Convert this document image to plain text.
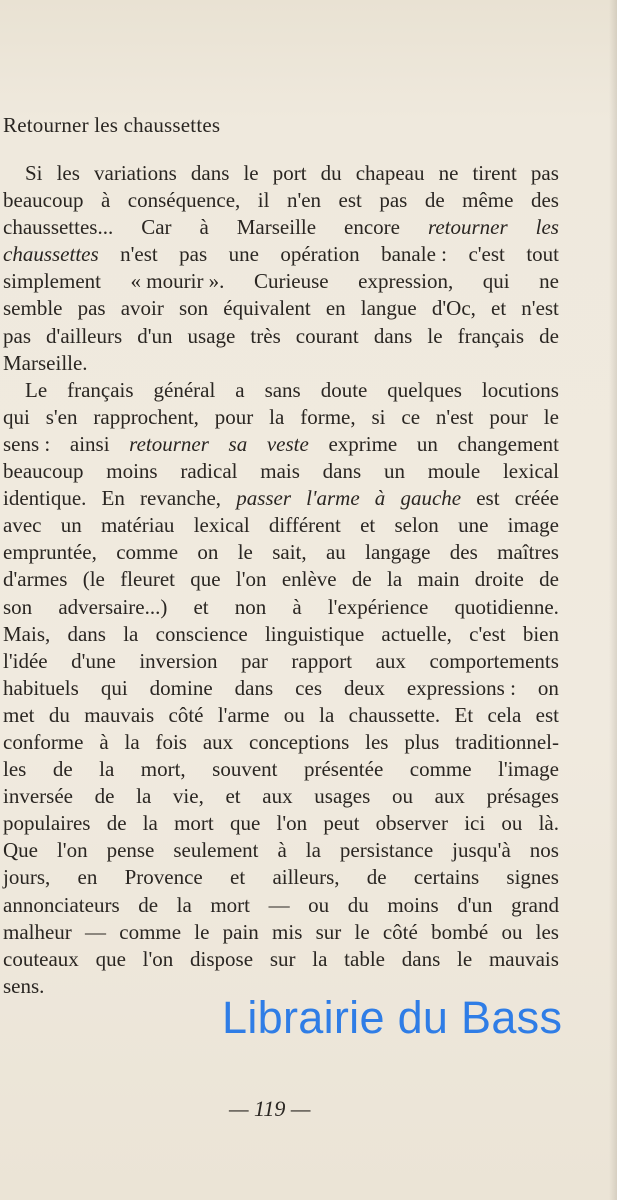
Retourner les chaussettes
Si les variations dans le port du chapeau ne tirent pas
beaucoup à conséquence, il n'en est pas de même des
chaussettes... Car à Marseille encore retourner les
chaussettes n'est pas une opération banale : c'est tout
simplement « mourir ». Curieuse expression, qui ne
semble pas avoir son équivalent en langue d'Oc, et n'est
pas d'ailleurs d'un usage très courant dans le français de
Marseille.
Le français général a sans doute quelques locutions
qui s'en rapprochent, pour la forme, si ce n'est pour le
sens : ainsi retourner sa veste exprime un changement
beaucoup moins radical mais dans un moule lexical
identique. En revanche, passer l'arme à gauche est créée
avec un matériau lexical différent et selon une image
empruntée, comme on le sait, au langage des maîtres
d'armes (le fleuret que l'on enlève de la main droite de
son adversaire...) et non à l'expérience quotidienne.
Mais, dans la conscience linguistique actuelle, c'est bien
l'idée d'une inversion par rapport aux comportements
habituels qui domine dans ces deux expressions : on
met du mauvais côté l'arme ou la chaussette. Et cela est
conforme à la fois aux conceptions les plus traditionnel-
les de la mort, souvent présentée comme l'image
inversée de la vie, et aux usages ou aux présages
populaires de la mort que l'on peut observer ici ou là.
Que l'on pense seulement à la persistance jusqu'à nos
jours, en Provence et ailleurs, de certains signes
annonciateurs de la mort — ou du moins d'un grand
malheur — comme le pain mis sur le côté bombé ou les
couteaux que l'on dispose sur la table dans le mauvais
sens.
Librairie du Bass
— 119 —
